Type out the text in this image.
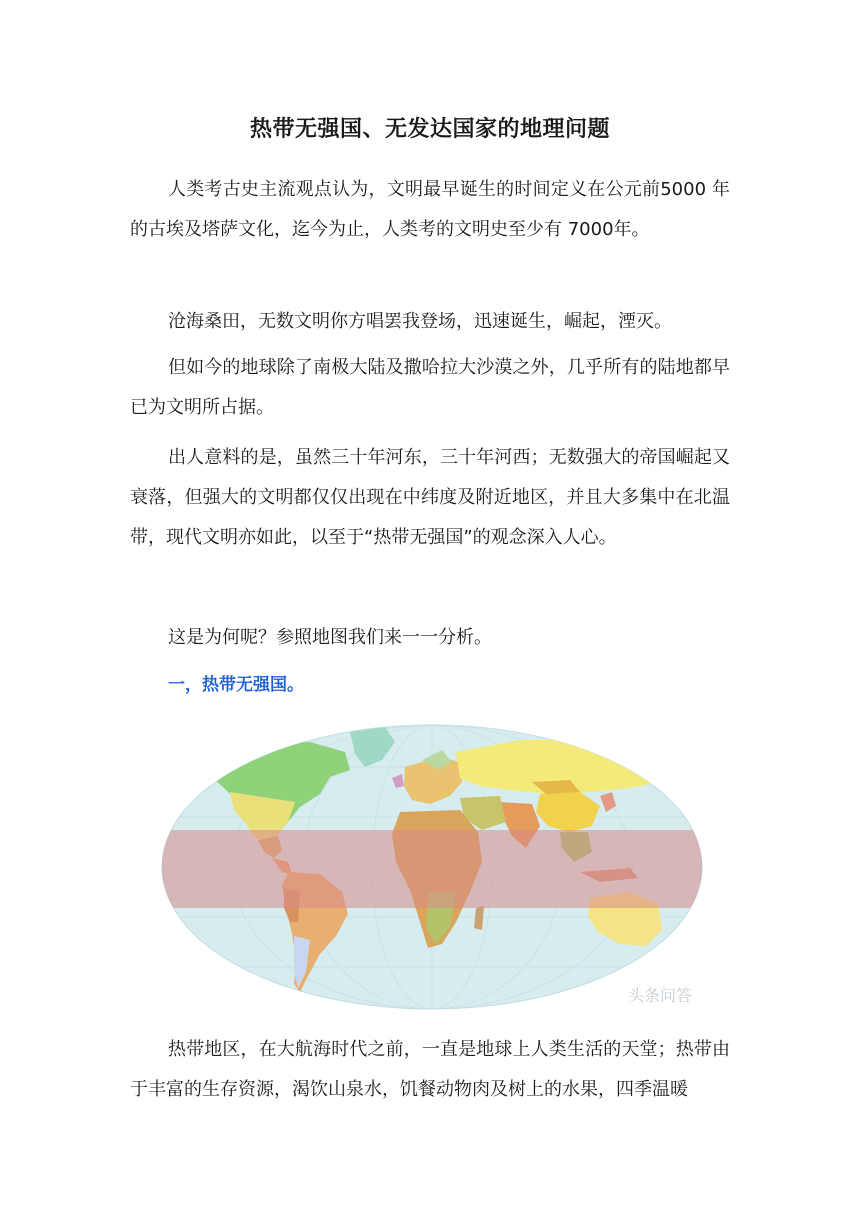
热带无强国、无发达国家的地理问题

人类考古史主流观点认为，文明最早诞生的时间定义在公元前5000 年的古埃及塔萨文化，迄今为止，人类考的文明史至少有 7000年。

沧海桑田，无数文明你方唱罢我登场，迅速诞生，崛起，湮灭。

但如今的地球除了南极大陆及撒哈拉大沙漠之外，几乎所有的陆地都早已为文明所占据。

出人意料的是，虽然三十年河东，三十年河西；无数强大的帝国崛起又衰落，但强大的文明都仅仅出现在中纬度及附近地区，并且大多集中在北温带，现代文明亦如此，以至于“热带无强国”的观念深入人心。

这是为何呢？参照地图我们来一一分析。

一，热带无强国。

头条问答

热带地区，在大航海时代之前，一直是地球上人类生活的天堂；热带由于丰富的生存资源，渴饮山泉水，饥餐动物肉及树上的水果，四季温暖
